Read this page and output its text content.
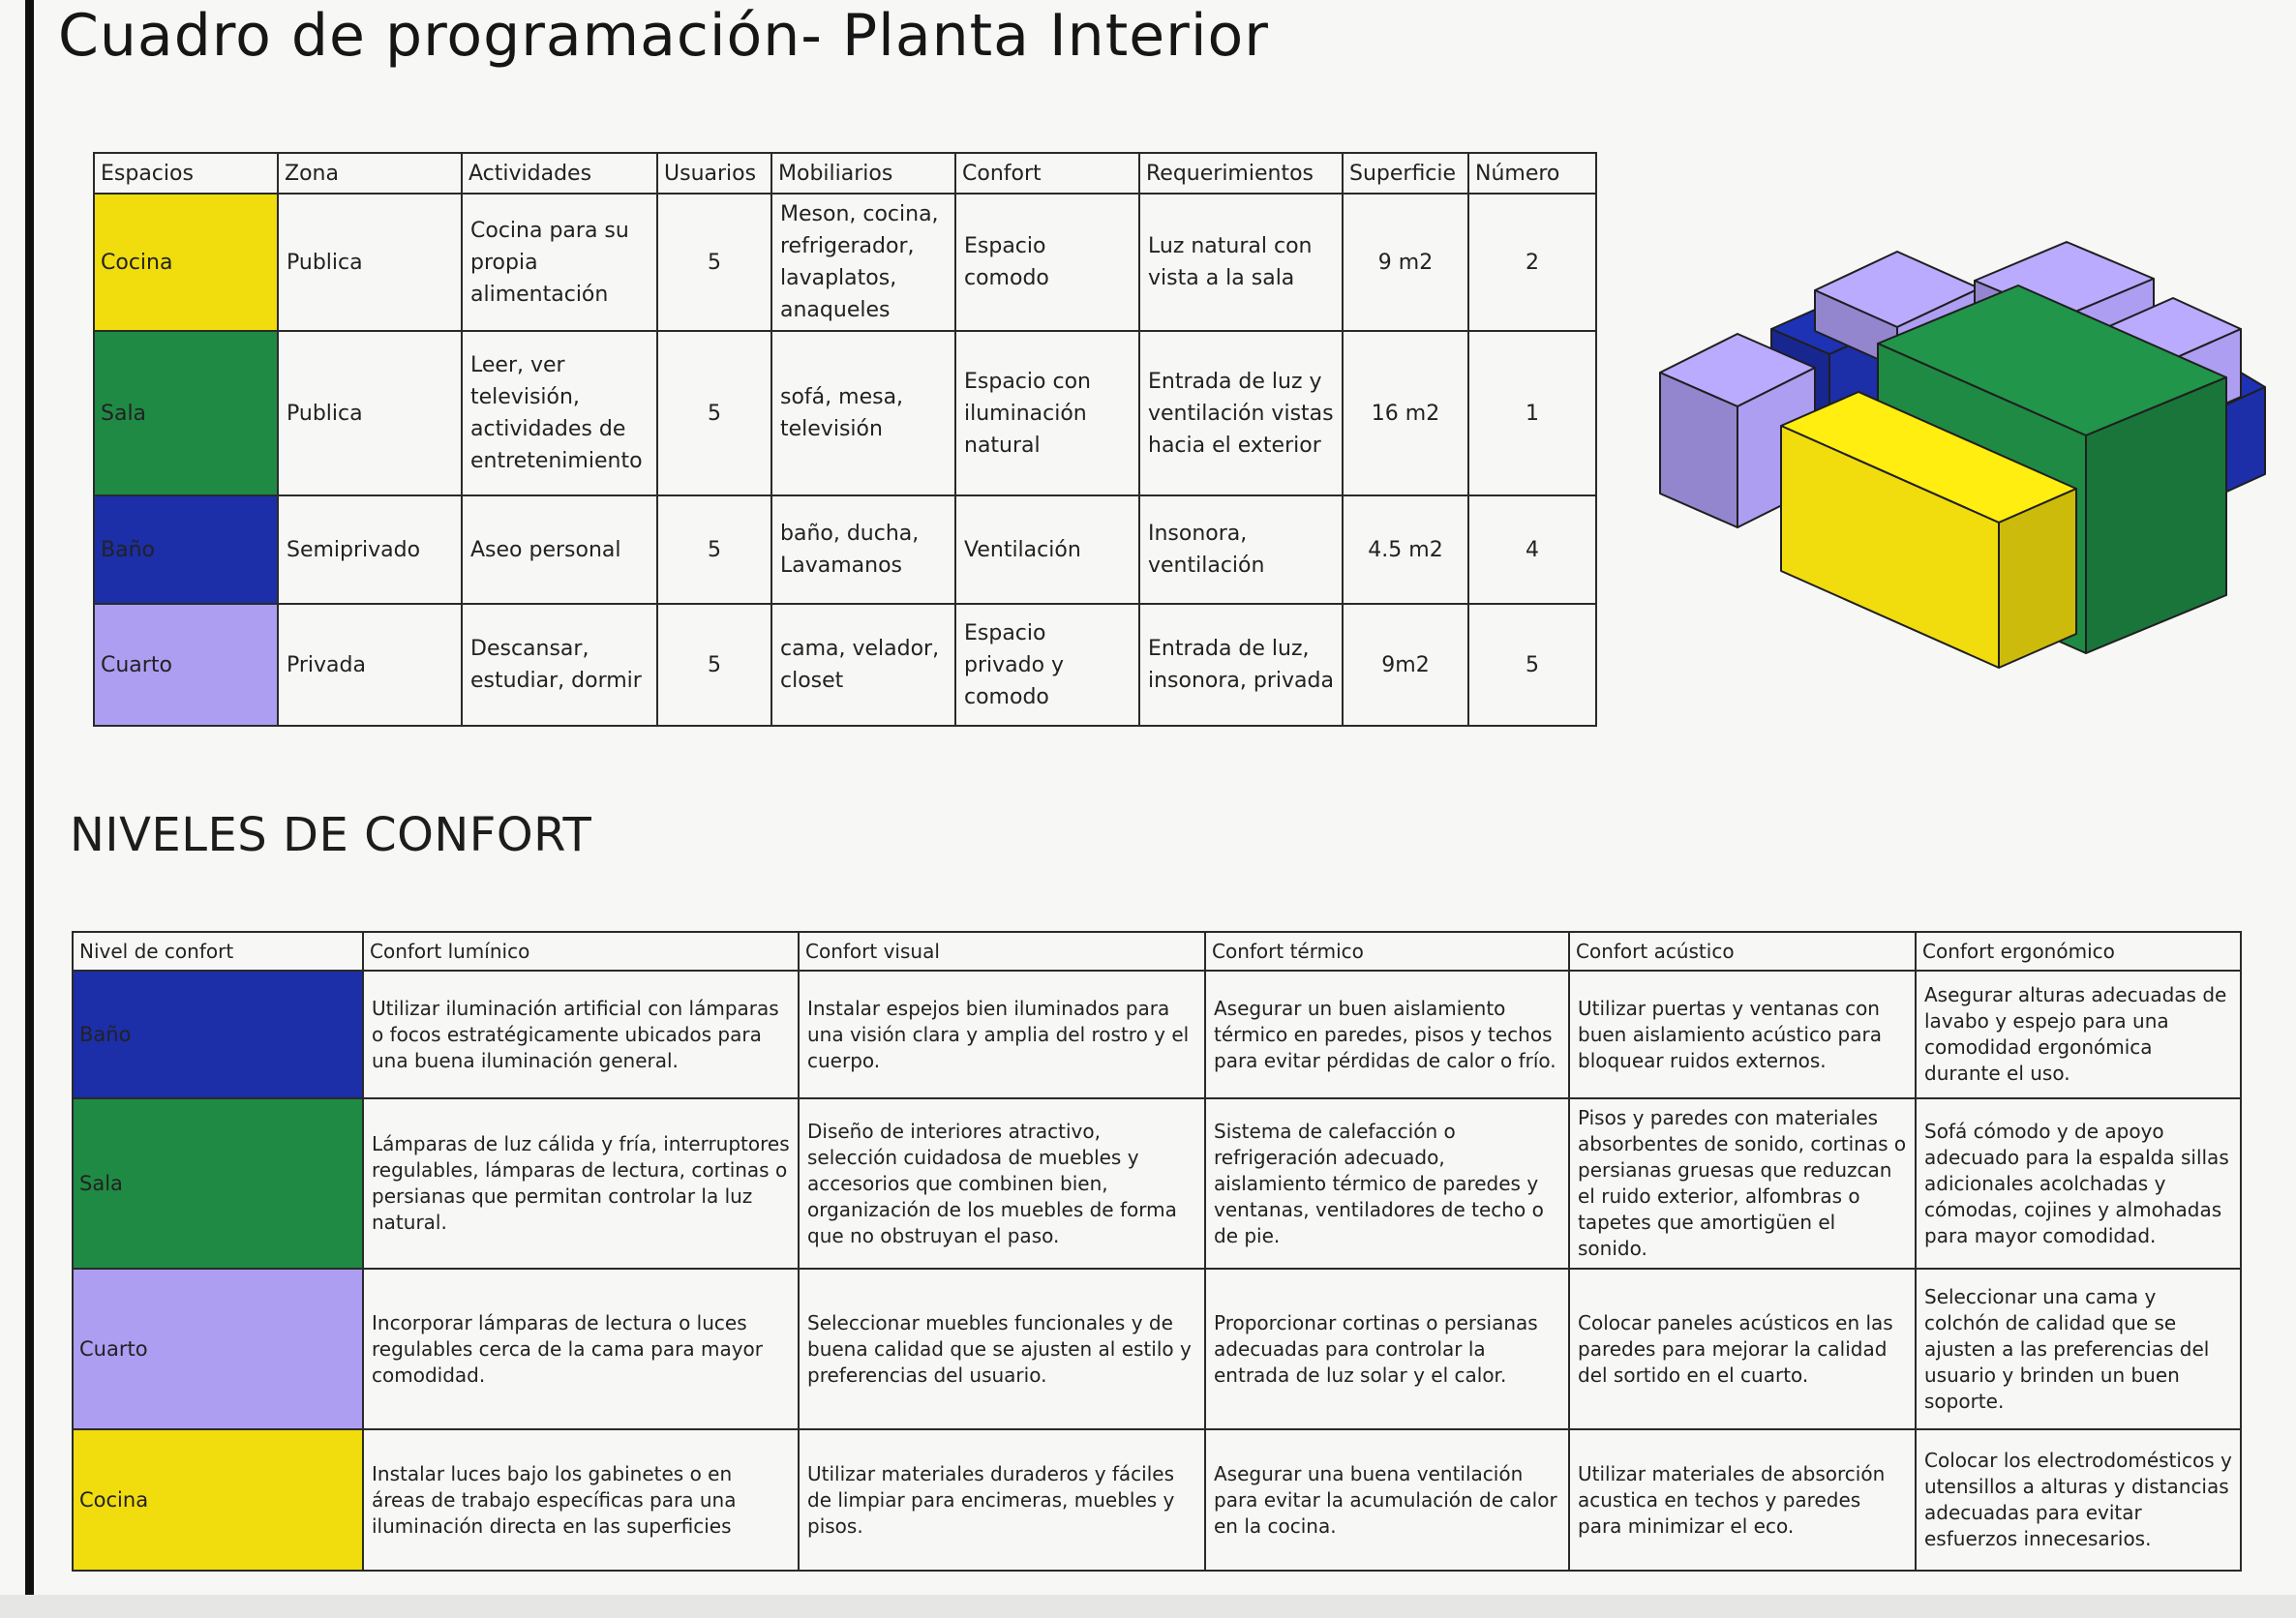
Cuadro de programación- Planta Interior
Espacios	Zona	Actividades	Usuarios	Mobiliarios	Confort	Requerimientos	Superficie	Número
Cocina	Publica	Cocina para su propia alimentación	5	Meson, cocina, refrigerador, lavaplatos, anaqueles	Espacio comodo	Luz natural con vista a la sala	9 m2	2
Sala	Publica	Leer, ver televisión, actividades de entretenimiento	5	sofá, mesa, televisión	Espacio con iluminación natural	Entrada de luz y ventilación vistas hacia el exterior	16 m2	1
Baño	Semiprivado	Aseo personal	5	baño, ducha, Lavamanos	Ventilación	Insonora, ventilación	4.5 m2	4
Cuarto	Privada	Descansar, estudiar, dormir	5	cama, velador, closet	Espacio privado y comodo	Entrada de luz, insonora, privada	9m2	5
NIVELES DE CONFORT
Nivel de confort	Confort lumínico	Confort visual	Confort térmico	Confort acústico	Confort ergonómico
Baño	Utilizar iluminación artificial con lámparas o focos estratégicamente ubicados para una buena iluminación general.	Instalar espejos bien iluminados para una visión clara y amplia del rostro y el cuerpo.	Asegurar un buen aislamiento térmico en paredes, pisos y techos para evitar pérdidas de calor o frío.	Utilizar puertas y ventanas con buen aislamiento acústico para bloquear ruidos externos.	Asegurar alturas adecuadas de lavabo y espejo para una comodidad ergonómica durante el uso.
Sala	Lámparas de luz cálida y fría, interruptores regulables, lámparas de lectura, cortinas o persianas que permitan controlar la luz natural.	Diseño de interiores atractivo, selección cuidadosa de muebles y accesorios que combinen bien, organización de los muebles de forma que no obstruyan el paso.	Sistema de calefacción o refrigeración adecuado, aislamiento térmico de paredes y ventanas, ventiladores de techo o de pie.	Pisos y paredes con materiales absorbentes de sonido, cortinas o persianas gruesas que reduzcan el ruido exterior, alfombras o tapetes que amortigüen el sonido.	Sofá cómodo y de apoyo adecuado para la espalda sillas adicionales acolchadas y cómodas, cojines y almohadas para mayor comodidad.
Cuarto	Incorporar lámparas de lectura o luces regulables cerca de la cama para mayor comodidad.	Seleccionar muebles funcionales y de buena calidad que se ajusten al estilo y preferencias del usuario.	Proporcionar cortinas o persianas adecuadas para controlar la entrada de luz solar y el calor.	Colocar paneles acústicos en las paredes para mejorar la calidad del sortido en el cuarto.	Seleccionar una cama y colchón de calidad que se ajusten a las preferencias del usuario y brinden un buen soporte.
Cocina	Instalar luces bajo los gabinetes o en áreas de trabajo específicas para una iluminación directa en las superficies	Utilizar materiales duraderos y fáciles de limpiar para encimeras, muebles y pisos.	Asegurar una buena ventilación para evitar la acumulación de calor en la cocina.	Utilizar materiales de absorción acustica en techos y paredes para minimizar el eco.	Colocar los electrodomésticos y utensillos a alturas y distancias adecuadas para evitar esfuerzos innecesarios.
